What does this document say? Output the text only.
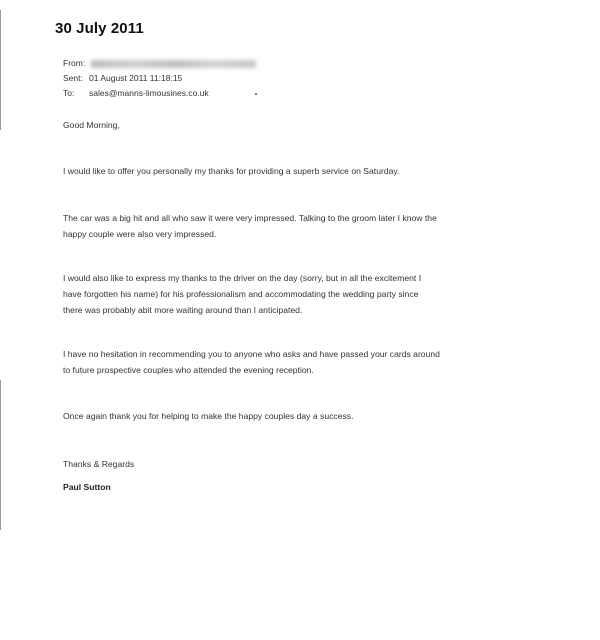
30 July 2011
From:
Sent: 01 August 2011 11:18:15
To:	sales@manns-limousines.co.uk
Good Morning,
I would like to offer you personally my thanks for providing a superb service on Saturday.
The car was a big hit and all who saw it were very impressed. Talking to the groom later I know the
happy couple were also very impressed.
I would also like to express my thanks to the driver on the day (sorry, but in all the excitement I
have forgotten his name) for his professionalism and accommodating the wedding party since
there was probably abit more waiting around than I anticipated.
I have no hesitation in recommending you to anyone who asks and have passed your cards around
to future prospective couples who attended the evening reception.
Once again thank you for helping to make the happy couples day a success.
Thanks & Regards
Paul Sutton
